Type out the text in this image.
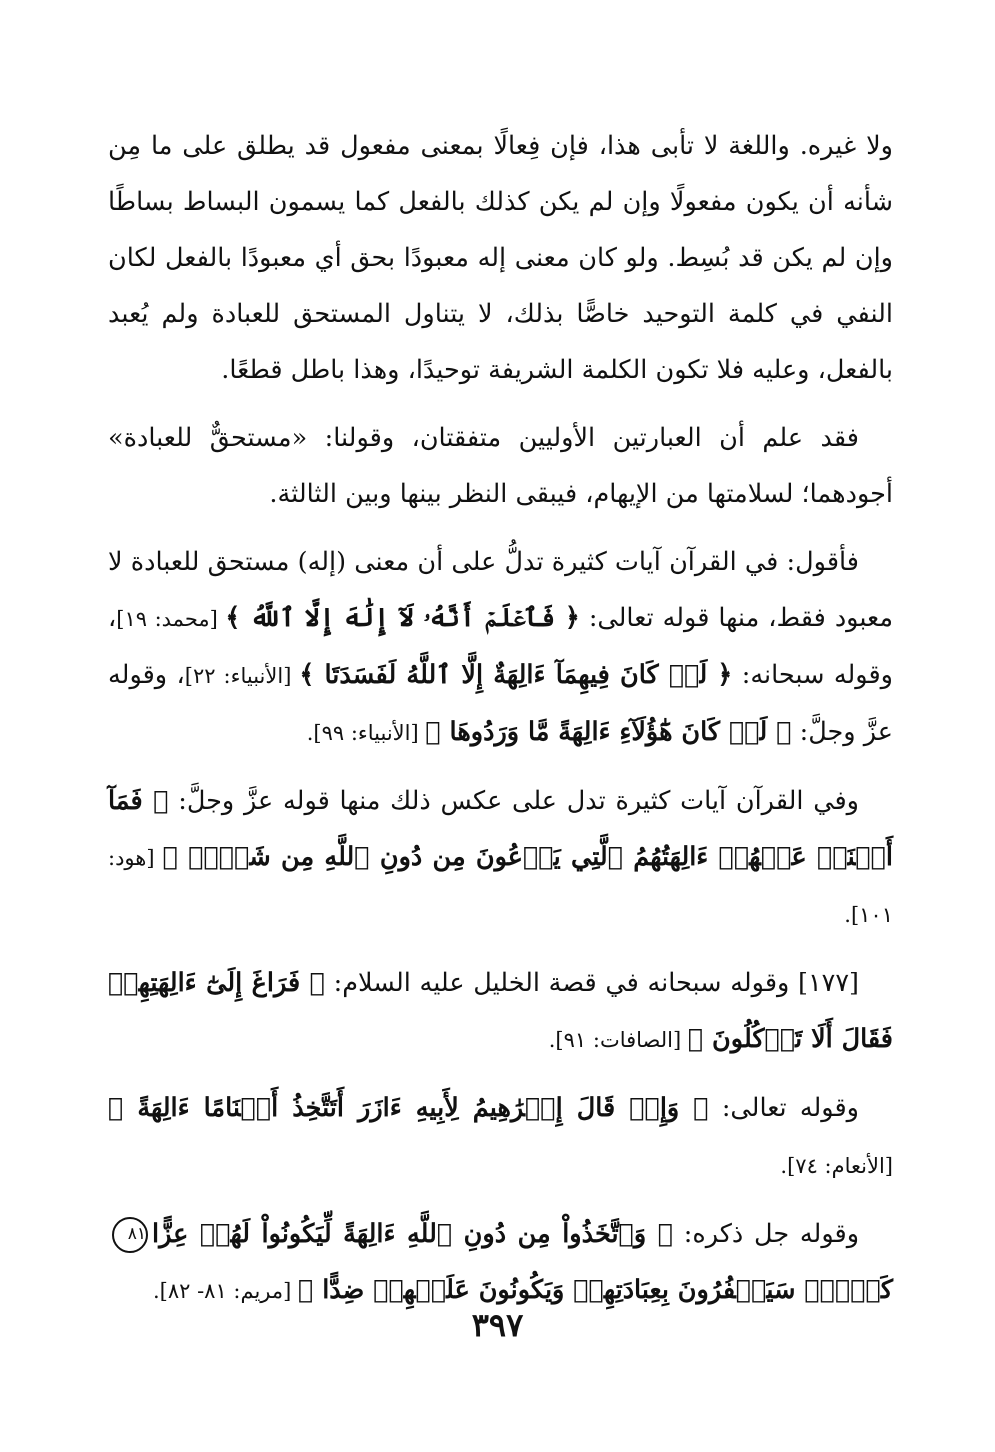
ولا غيره. واللغة لا تأبى هذا، فإن فِعالًا بمعنى مفعول قد يطلق على ما مِن شأنه أن يكون مفعولًا وإن لم يكن كذلك بالفعل كما يسمون البساط بساطًا وإن لم يكن قد بُسِط. ولو كان معنى إله معبودًا بحق أي معبودًا بالفعل لكان النفي في كلمة التوحيد خاصًّا بذلك، لا يتناول المستحق للعبادة ولم يُعبد بالفعل، وعليه فلا تكون الكلمة الشريفة توحيدًا، وهذا باطل قطعًا.

فقد علم أن العبارتين الأوليين متفقتان، وقولنا: «مستحقٌّ للعبادة» أجودهما؛ لسلامتها من الإيهام، فيبقى النظر بينها وبين الثالثة.

فأقول: في القرآن آيات كثيرة تدلُّ على أن معنى (إله) مستحق للعبادة لا معبود فقط، منها قوله تعالى: ﴿ فَٱعۡلَمۡ أَنَّهُۥ لَآ إِلَٰهَ إِلَّا ٱللَّهُ ﴾ [محمد: ١٩]، وقوله سبحانه: ﴿ لَوۡ كَانَ فِيهِمَآ ءَالِهَةٌ إِلَّا ٱللَّهُ لَفَسَدَتَا ﴾ [الأنبياء: ٢٢]، وقوله عزَّ وجلَّ: ﴿ لَوۡ كَانَ هَٰٓؤُلَآءِ ءَالِهَةً مَّا وَرَدُوهَا ﴾ [الأنبياء: ٩٩].

وفي القرآن آيات كثيرة تدل على عكس ذلك منها قوله عزَّ وجلَّ: ﴿ فَمَآ أَغۡنَتۡ عَنۡهُمۡ ءَالِهَتُهُمُ ٱلَّتِي يَدۡعُونَ مِن دُونِ ٱللَّهِ مِن شَيۡءٖ ﴾ [هود: ١٠١].

[١٧٧] وقوله سبحانه في قصة الخليل عليه السلام: ﴿ فَرَاغَ إِلَىٰٓ ءَالِهَتِهِمۡ فَقَالَ أَلَا تَأۡكُلُونَ ﴾ [الصافات: ٩١].

وقوله تعالى: ﴿ وَإِذۡ قَالَ إِبۡرَٰهِيمُ لِأَبِيهِ ءَازَرَ أَتَتَّخِذُ أَصۡنَامًا ءَالِهَةً ﴾ [الأنعام: ٧٤].

وقوله جل ذكره: ﴿ وَٱتَّخَذُواْ مِن دُونِ ٱللَّهِ ءَالِهَةً لِّيَكُونُواْ لَهُمۡ عِزًّا٨١ كَلَّاۚ سَيَكۡفُرُونَ بِعِبَادَتِهِمۡ وَيَكُونُونَ عَلَيۡهِمۡ ضِدًّا ﴾ [مريم: ٨١- ٨٢].

٣٩٧
